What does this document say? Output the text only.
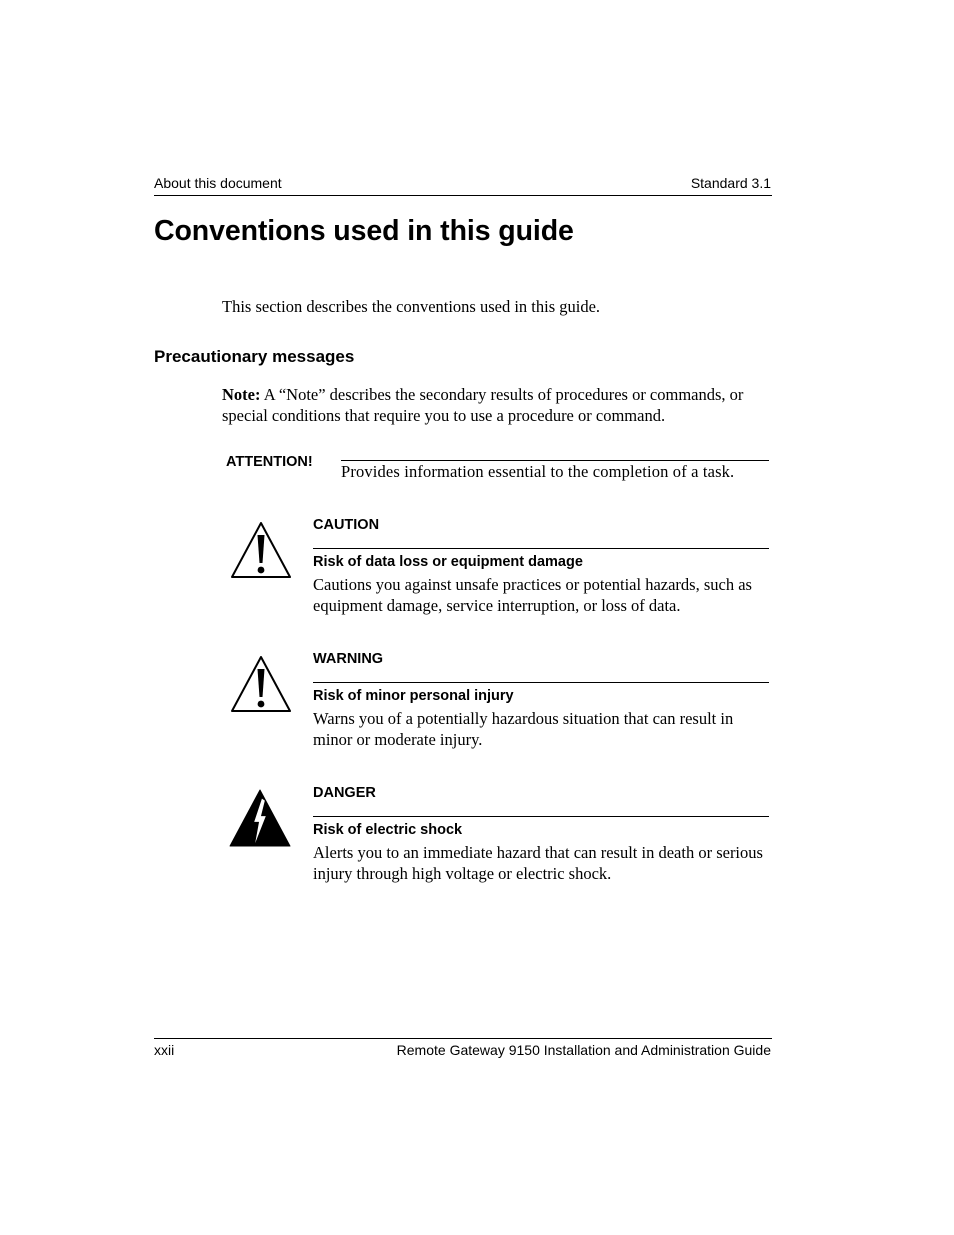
About this document	Standard 3.1
Conventions used in this guide
This section describes the conventions used in this guide.
Precautionary messages
Note: A “Note” describes the secondary results of procedures or commands, or special conditions that require you to use a procedure or command.
ATTENTION! Provides information essential to the completion of a task.
CAUTION
Risk of data loss or equipment damage
Cautions you against unsafe practices or potential hazards, such as equipment damage, service interruption, or loss of data.
WARNING
Risk of minor personal injury
Warns you of a potentially hazardous situation that can result in minor or moderate injury.
DANGER
Risk of electric shock
Alerts you to an immediate hazard that can result in death or serious injury through high voltage or electric shock.
xxii	Remote Gateway 9150 Installation and Administration Guide
